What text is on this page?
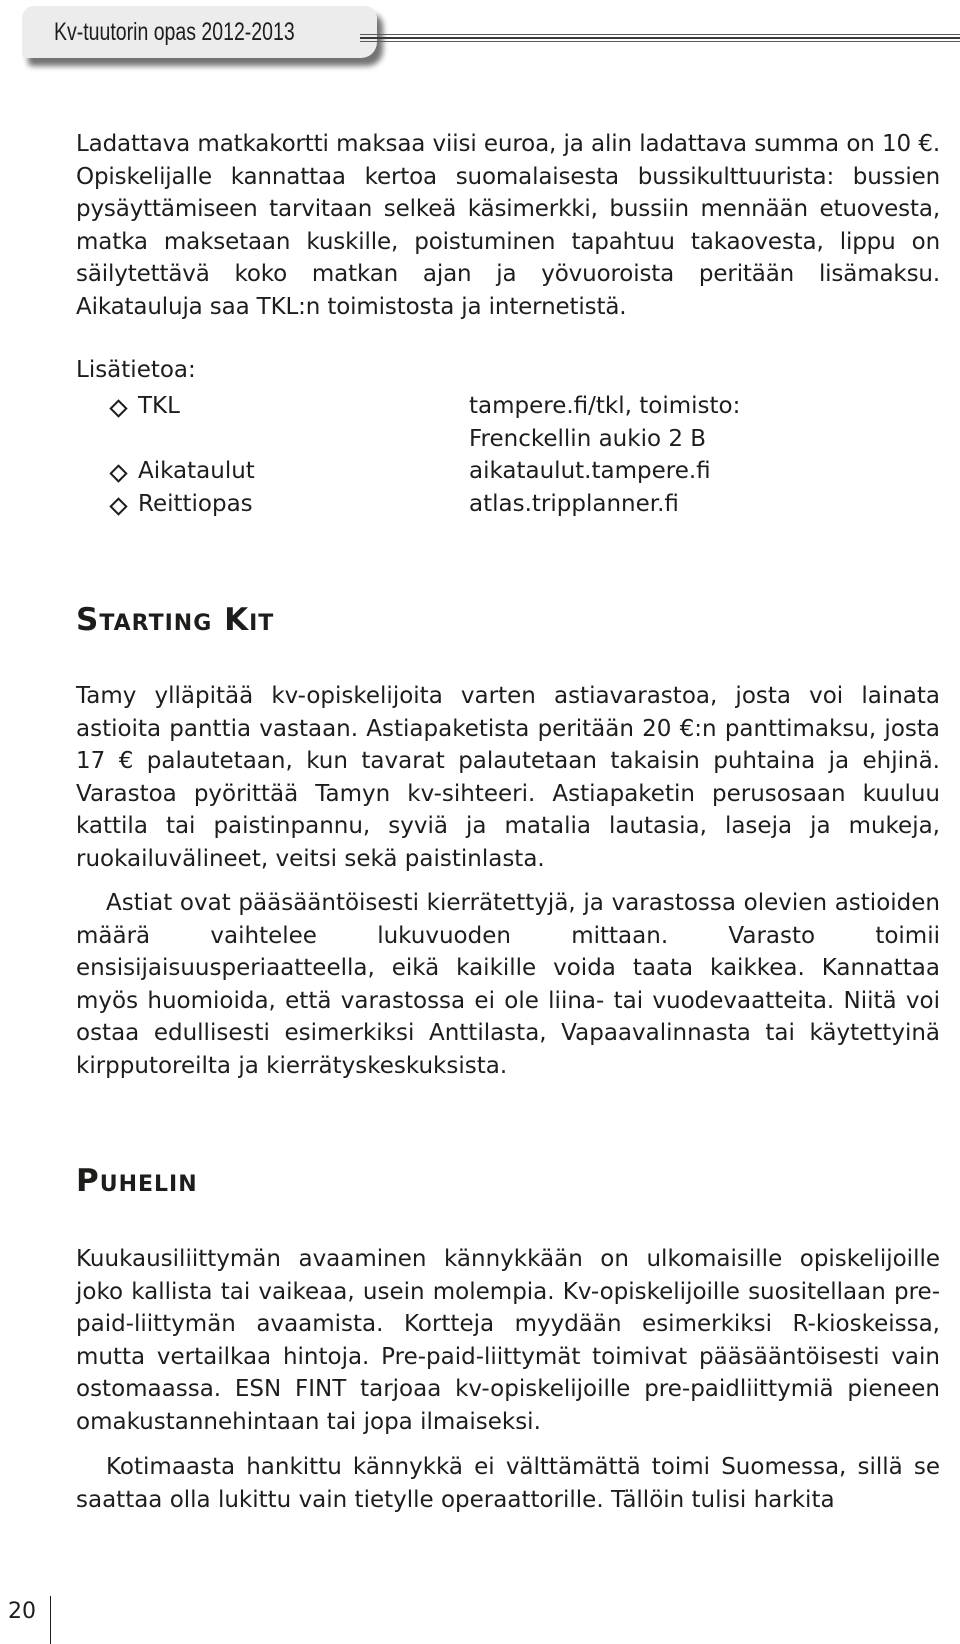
Kv-tuutorin opas 2012-2013

Ladattava matkakortti maksaa viisi euroa, ja alin ladattava summa on 10 €. Opiskelijalle kannattaa kertoa suomalaisesta bussikulttuurista: bussien pysäyttämiseen tarvitaan selkeä käsimerkki, bussiin mennään etuovesta, matka maksetaan kuskille, poistuminen tapahtuu takaovesta, lippu on säilytettävä koko matkan ajan ja yövuoroista peritään lisämaksu. Aikatauluja saa TKL:n toimistosta ja internetistä.

Lisätietoa:
TKL	tampere.fi/tkl, toimisto:
Frenckellin aukio 2 B
Aikataulut	aikataulut.tampere.fi
Reittiopas	atlas.tripplanner.fi
STARTING KIT

Tamy ylläpitää kv-opiskelijoita varten astiavarastoa, josta voi lainata astioita panttia vastaan. Astiapaketista peritään 20 €:n panttimaksu, josta 17 € palautetaan, kun tavarat palautetaan takaisin puhtaina ja ehjinä. Varastoa pyörittää Tamyn kv-sihteeri. Astiapaketin perusosaan kuuluu kattila tai paistinpannu, syviä ja matalia lautasia, laseja ja mukeja, ruokailuvälineet, veitsi sekä paistinlasta.

Astiat ovat pääsääntöisesti kierrätettyjä, ja varastossa olevien astioiden määrä vaihtelee lukuvuoden mittaan. Varasto toimii ensisijaisuusperiaatteella, eikä kaikille voida taata kaikkea. Kannattaa myös huomioida, että varastossa ei ole liina- tai vuodevaatteita. Niitä voi ostaa edullisesti esimerkiksi Anttilasta, Vapaavalinnasta tai käytettyinä kirpputoreilta ja kierrätyskeskuksista.

PUHELIN

Kuukausiliittymän avaaminen kännykkään on ulkomaisille opiskelijoille joko kallista tai vaikeaa, usein molempia. Kv-opiskelijoille suositellaan pre-paid-liittymän avaamista. Kortteja myydään esimerkiksi R-kioskeissa, mutta vertailkaa hintoja. Pre-paid-liittymät toimivat pääsääntöisesti vain ostomaassa. ESN FINT tarjoaa kv-opiskelijoille pre-paidliittymiä pieneen omakustannehintaan tai jopa ilmaiseksi.

Kotimaasta hankittu kännykkä ei välttämättä toimi Suomessa, sillä se saattaa olla lukittu vain tietylle operaattorille. Tällöin tulisi harkita

20
